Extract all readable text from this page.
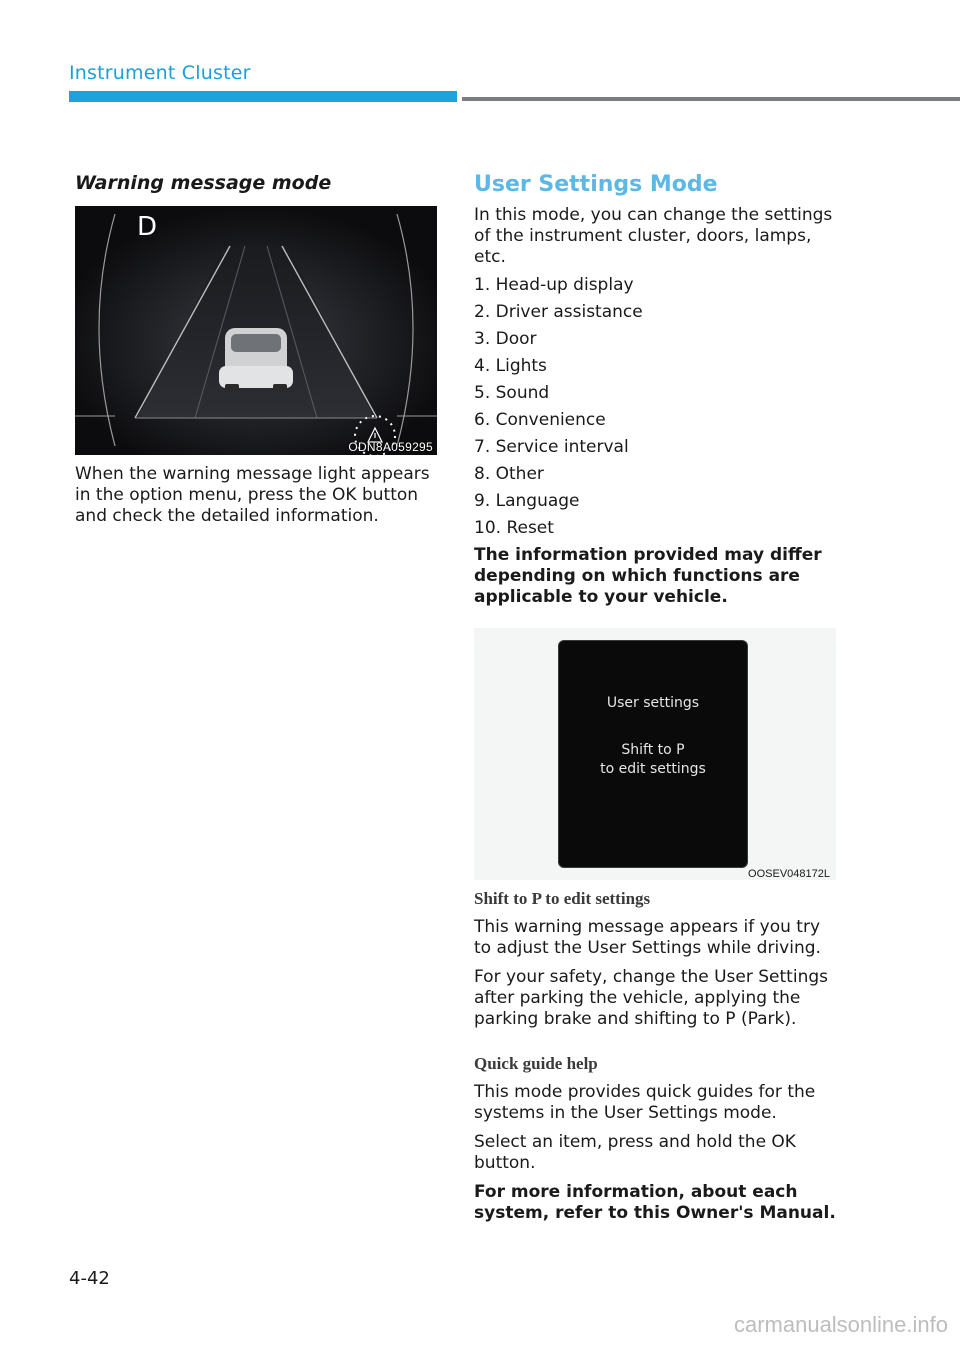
Instrument Cluster
Warning message mode
D
ODN8A059295

When the warning message light appears in the option menu, press the OK button and check the detailed information.

User Settings Mode

In this mode, you can change the settings of the instrument cluster, doors, lamps, etc.

1. Head-up display
2. Driver assistance
3. Door
4. Lights
5. Sound
6. Convenience
7. Service interval
8. Other
9. Language
10. Reset

The information provided may differ depending on which functions are applicable to your vehicle.

User settings
Shift to P
to edit settings
OOSEV048172L

Shift to P to edit settings

This warning message appears if you try to adjust the User Settings while driving.

For your safety, change the User Settings after parking the vehicle, applying the parking brake and shifting to P (Park).

Quick guide help

This mode provides quick guides for the systems in the User Settings mode.

Select an item, press and hold the OK button.

For more information, about each system, refer to this Owner's Manual.

4-42
carmanualsonline.info
